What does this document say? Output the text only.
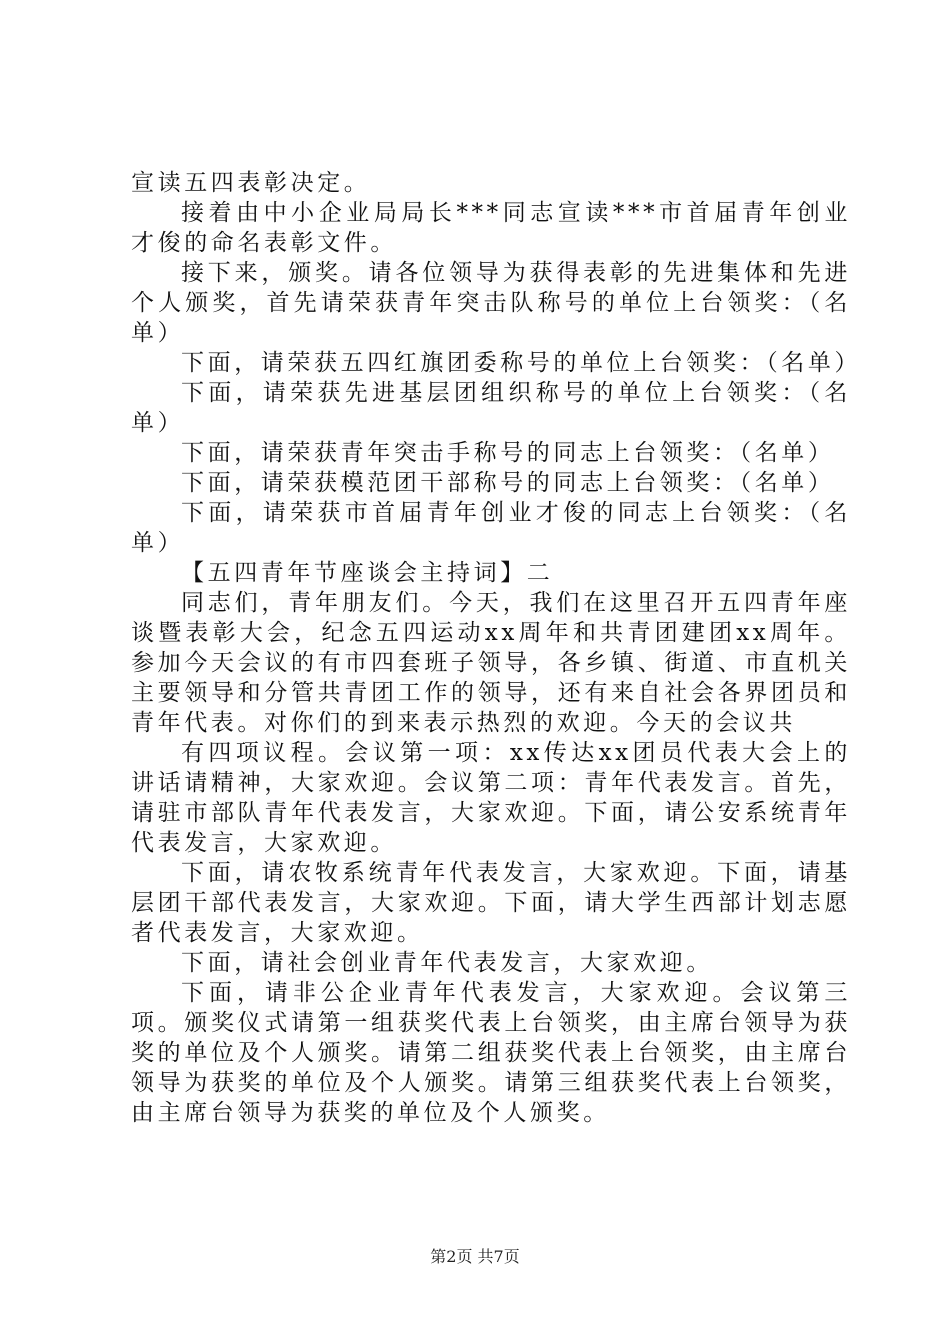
宣读五四表彰决定。

接着由中小企业局局长***同志宣读***市首届青年创业才俊的命名表彰文件。

接下来，颁奖。请各位领导为获得表彰的先进集体和先进个人颁奖，首先请荣获青年突击队称号的单位上台领奖：（名单）

下面，请荣获五四红旗团委称号的单位上台领奖：（名单）

下面，请荣获先进基层团组织称号的单位上台领奖：（名单）

下面，请荣获青年突击手称号的同志上台领奖：（名单）

下面，请荣获模范团干部称号的同志上台领奖：（名单）

下面，请荣获市首届青年创业才俊的同志上台领奖：（名单）

【五四青年节座谈会主持词】二

同志们，青年朋友们。今天，我们在这里召开五四青年座谈暨表彰大会，纪念五四运动xx周年和共青团建团xx周年。参加今天会议的有市四套班子领导，各乡镇、街道、市直机关主要领导和分管共青团工作的领导，还有来自社会各界团员和青年代表。对你们的到来表示热烈的欢迎。今天的会议共

有四项议程。会议第一项：xx传达xx团员代表大会上的讲话请精神，大家欢迎。会议第二项：青年代表发言。首先，请驻市部队青年代表发言，大家欢迎。下面，请公安系统青年代表发言，大家欢迎。

下面，请农牧系统青年代表发言，大家欢迎。下面，请基层团干部代表发言，大家欢迎。下面，请大学生西部计划志愿者代表发言，大家欢迎。

下面，请社会创业青年代表发言，大家欢迎。

下面，请非公企业青年代表发言，大家欢迎。会议第三项。颁奖仪式请第一组获奖代表上台领奖，由主席台领导为获奖的单位及个人颁奖。请第二组获奖代表上台领奖，由主席台领导为获奖的单位及个人颁奖。请第三组获奖代表上台领奖，由主席台领导为获奖的单位及个人颁奖。

第2页 共7页
